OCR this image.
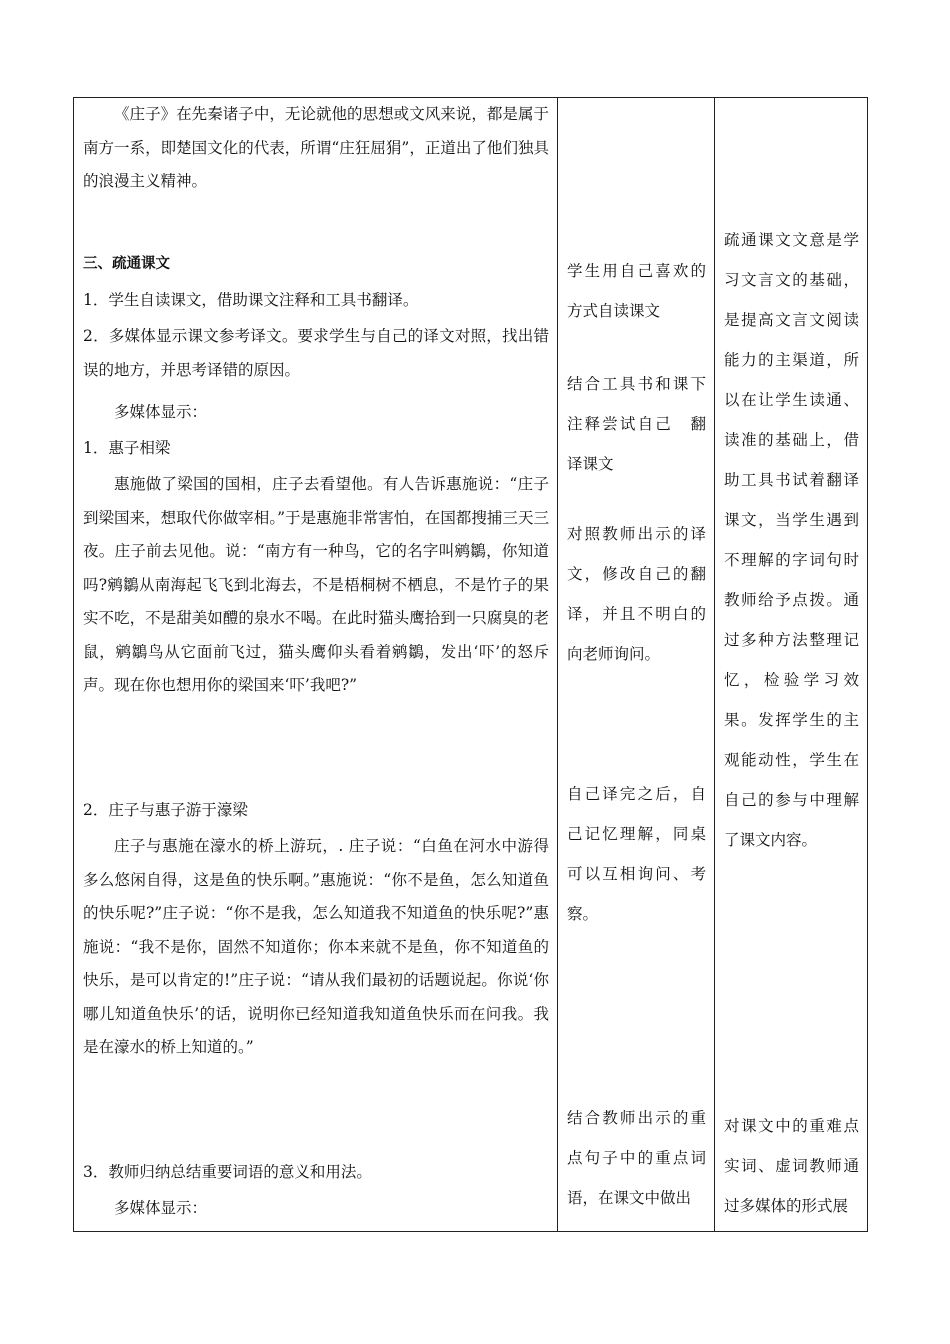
《庄子》在先秦诸子中，无论就他的思想或文风来说，都是属于南方一系，即楚国文化的代表，所谓“庄狂屈狷”，正道出了他们独具的浪漫主义精神。

三、疏通课文

1．学生自读课文，借助课文注释和工具书翻译。

2．多媒体显示课文参考译文。要求学生与自己的译文对照，找出错误的地方，并思考译错的原因。

多媒体显示：

1．惠子相梁

惠施做了梁国的国相，庄子去看望他。有人告诉惠施说：“庄子到梁国来，想取代你做宰相。”于是惠施非常害怕，在国都搜捕三天三夜。庄子前去见他。说：“南方有一种鸟，它的名字叫鹓鶵，你知道吗?鹓鶵从南海起飞飞到北海去，不是梧桐树不栖息，不是竹子的果实不吃，不是甜美如醴的泉水不喝。在此时猫头鹰拾到一只腐臭的老鼠，鹓鶵鸟从它面前飞过，猫头鹰仰头看着鹓鶵，发出‘吓’的怒斥声。现在你也想用你的梁国来‘吓’我吧?”

2．庄子与惠子游于濠梁

庄子与惠施在濠水的桥上游玩，. 庄子说：“白鱼在河水中游得多么悠闲自得，这是鱼的快乐啊。”惠施说：“你不是鱼，怎么知道鱼的快乐呢?”庄子说：“你不是我，怎么知道我不知道鱼的快乐呢?”惠施说：“我不是你，固然不知道你；你本来就不是鱼，你不知道鱼的快乐，是可以肯定的!”庄子说：“请从我们最初的话题说起。你说‘你哪儿知道鱼快乐’的话，说明你已经知道我知道鱼快乐而在问我。我是在濠水的桥上知道的。”

3．教师归纳总结重要词语的意义和用法。

多媒体显示：

学生用自己喜欢的方式自读课文

结合工具书和课下注释尝试自己　翻译课文

对照教师出示的译文，修改自己的翻译，并且不明白的向老师询问。

自己译完之后，自己记忆理解，同桌可以互相询问、考察。

结合教师出示的重点句子中的重点词语，在课文中做出

疏通课文文意是学习文言文的基础，是提高文言文阅读能力的主渠道，所以在让学生读通、读准的基础上，借助工具书试着翻译课文，当学生遇到不理解的字词句时教师给予点拨。通过多种方法整理记忆，检验学习效果。发挥学生的主观能动性，学生在自己的参与中理解了课文内容。

对课文中的重难点实词、虚词教师通过多媒体的形式展
